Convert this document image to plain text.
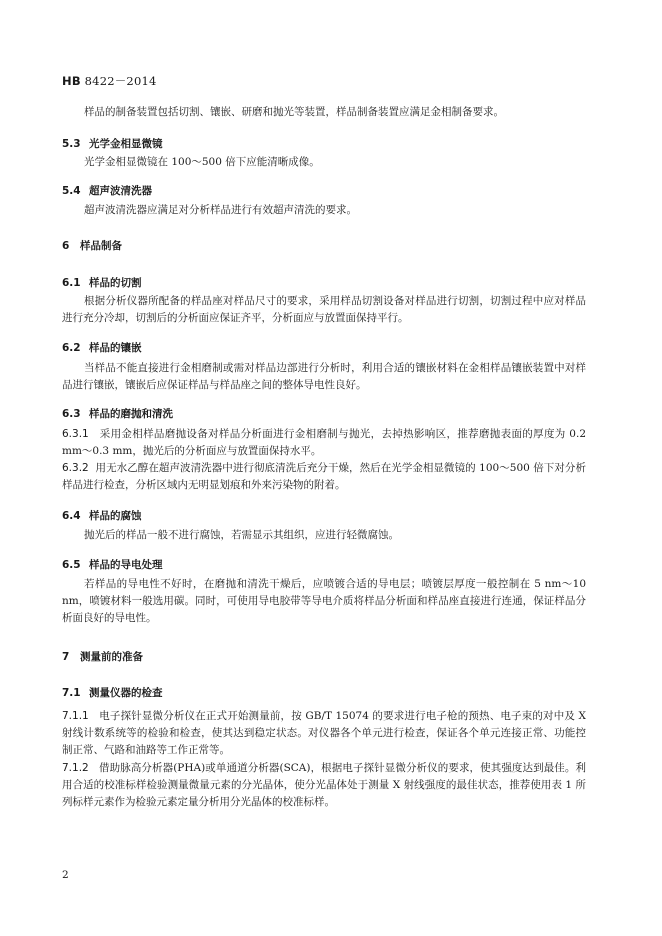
HB 8422－2014
样品的制备装置包括切割、镶嵌、研磨和抛光等装置，样品制备装置应满足金相制备要求。
5.3 光学金相显微镜
光学金相显微镜在 100～500 倍下应能清晰成像。
5.4 超声波清洗器
超声波清洗器应满足对分析样品进行有效超声清洗的要求。
6 样品制备
6.1 样品的切割
根据分析仪器所配备的样品座对样品尺寸的要求，采用样品切割设备对样品进行切割，切割过程中应对样品进行充分冷却，切割后的分析面应保证齐平，分析面应与放置面保持平行。
6.2 样品的镶嵌
当样品不能直接进行金相磨制或需对样品边部进行分析时，利用合适的镶嵌材料在金相样品镶嵌装置中对样品进行镶嵌，镶嵌后应保证样品与样品座之间的整体导电性良好。
6.3 样品的磨抛和清洗
6.3.1 采用金相样品磨抛设备对样品分析面进行金相磨制与抛光，去掉热影响区，推荐磨抛表面的厚度为 0.2 mm～0.3 mm，抛光后的分析面应与放置面保持水平。
6.3.2 用无水乙醇在超声波清洗器中进行彻底清洗后充分干燥，然后在光学金相显微镜的 100～500 倍下对分析样品进行检查，分析区域内无明显划痕和外来污染物的附着。
6.4 样品的腐蚀
抛光后的样品一般不进行腐蚀，若需显示其组织，应进行轻微腐蚀。
6.5 样品的导电处理
若样品的导电性不好时，在磨抛和清洗干燥后，应喷镀合适的导电层；喷镀层厚度一般控制在 5 nm～10 nm，喷镀材料一般选用碳。同时，可使用导电胶带等导电介质将样品分析面和样品座直接进行连通，保证样品分析面良好的导电性。
7 测量前的准备
7.1 测量仪器的检查
7.1.1 电子探针显微分析仪在正式开始测量前，按 GB/T 15074 的要求进行电子枪的预热、电子束的对中及 X 射线计数系统等的检验和检查，使其达到稳定状态。对仪器各个单元进行检查，保证各个单元连接正常、功能控制正常、气路和油路等工作正常等。
7.1.2 借助脉高分析器(PHA)或单通道分析器(SCA)，根据电子探针显微分析仪的要求，使其强度达到最佳。利用合适的校准标样检验测量微量元素的分光晶体，使分光晶体处于测量 X 射线强度的最佳状态，推荐使用表 1 所列标样元素作为检验元素定量分析用分光晶体的校准标样。
2
